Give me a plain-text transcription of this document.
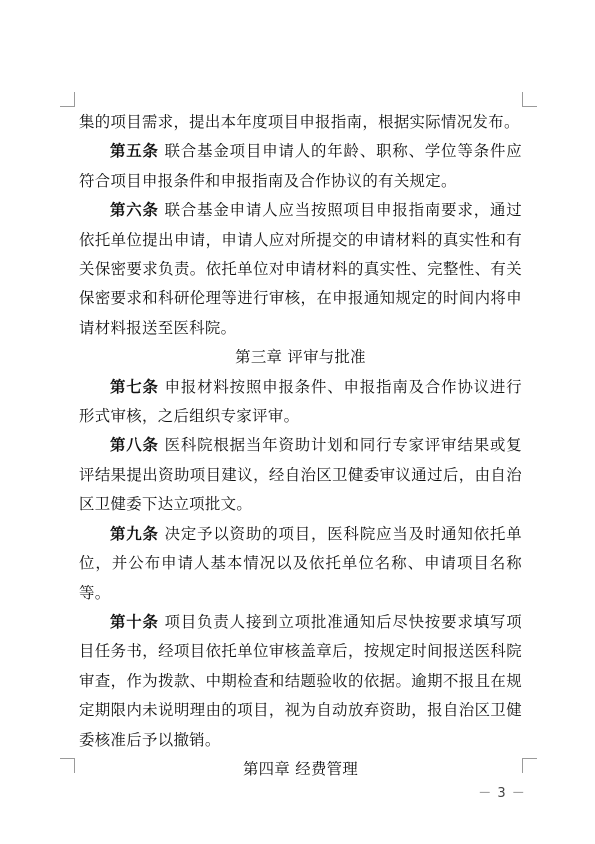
集的项目需求，提出本年度项目申报指南，根据实际情况发布。

第五条 联合基金项目申请人的年龄、职称、学位等条件应符合项目申报条件和申报指南及合作协议的有关规定。

第六条 联合基金申请人应当按照项目申报指南要求，通过依托单位提出申请，申请人应对所提交的申请材料的真实性和有关保密要求负责。依托单位对申请材料的真实性、完整性、有关保密要求和科研伦理等进行审核，在申报通知规定的时间内将申请材料报送至医科院。

第三章 评审与批准

第七条 申报材料按照申报条件、申报指南及合作协议进行形式审核，之后组织专家评审。

第八条 医科院根据当年资助计划和同行专家评审结果或复评结果提出资助项目建议，经自治区卫健委审议通过后，由自治区卫健委下达立项批文。

第九条 决定予以资助的项目，医科院应当及时通知依托单位，并公布申请人基本情况以及依托单位名称、申请项目名称等。

第十条 项目负责人接到立项批准通知后尽快按要求填写项目任务书，经项目依托单位审核盖章后，按规定时间报送医科院审查，作为拨款、中期检查和结题验收的依据。逾期不报且在规定期限内未说明理由的项目，视为自动放弃资助，报自治区卫健委核准后予以撤销。

第四章 经费管理

－ 3 －
